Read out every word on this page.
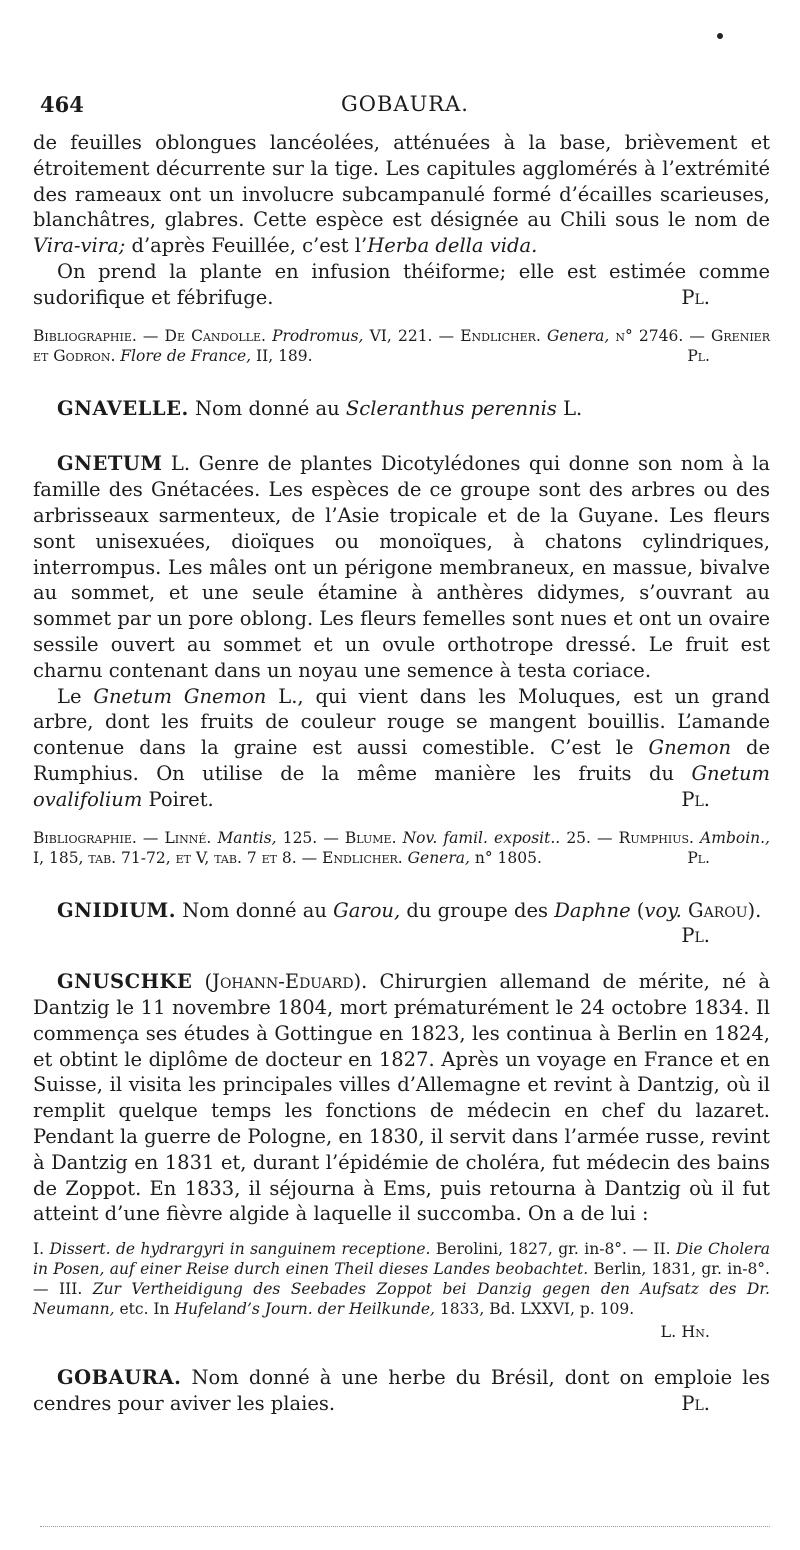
464	GOBAURA.

de feuilles oblongues lancéolées, atténuées à la base, brièvement et étroitement décurrente sur la tige. Les capitules agglomérés à l’extrémité des rameaux ont un involucre subcampanulé formé d’écailles scarieuses, blanchâtres, glabres. Cette espèce est désignée au Chili sous le nom de Vira-vira; d’après Feuillée, c’est l’Herba della vida.

On prend la plante en infusion théiforme; elle est estimée comme sudorifique et fébrifuge.	Pl.

Bibliographie. — De Candolle. Prodromus, VI, 221. — Endlicher. Genera, n° 2746. — Grenier et Godron. Flore de France, II, 189.	Pl.

GNAVELLE. Nom donné au Scleranthus perennis L.

GNETUM L. Genre de plantes Dicotylédones qui donne son nom à la famille des Gnétacées. Les espèces de ce groupe sont des arbres ou des arbrisseaux sarmenteux, de l’Asie tropicale et de la Guyane. Les fleurs sont unisexuées, dioïques ou monoïques, à chatons cylindriques, interrompus. Les mâles ont un périgone membraneux, en massue, bivalve au sommet, et une seule étamine à anthères didymes, s’ouvrant au sommet par un pore oblong. Les fleurs femelles sont nues et ont un ovaire sessile ouvert au sommet et un ovule orthotrope dressé. Le fruit est charnu contenant dans un noyau une semence à testa coriace.

Le Gnetum Gnemon L., qui vient dans les Moluques, est un grand arbre, dont les fruits de couleur rouge se mangent bouillis. L’amande contenue dans la graine est aussi comestible. C’est le Gnemon de Rumphius. On utilise de la même manière les fruits du Gnetum ovalifolium Poiret.	Pl.

Bibliographie. — Linné. Mantis, 125. — Blume. Nov. famil. exposit.. 25. — Rumphius. Amboin., I, 185, tab. 71-72, et V, tab. 7 et 8. — Endlicher. Genera, n° 1805.	Pl.

GNIDIUM. Nom donné au Garou, du groupe des Daphne (voy. Garou).

Pl.

GNUSCHKE (Johann-Eduard). Chirurgien allemand de mérite, né à Dantzig le 11 novembre 1804, mort prématurément le 24 octobre 1834. Il commença ses études à Gottingue en 1823, les continua à Berlin en 1824, et obtint le diplôme de docteur en 1827. Après un voyage en France et en Suisse, il visita les principales villes d’Allemagne et revint à Dantzig, où il remplit quelque temps les fonctions de médecin en chef du lazaret. Pendant la guerre de Pologne, en 1830, il servit dans l’armée russe, revint à Dantzig en 1831 et, durant l’épidémie de choléra, fut médecin des bains de Zoppot. En 1833, il séjourna à Ems, puis retourna à Dantzig où il fut atteint d’une fièvre algide à laquelle il succomba. On a de lui :

I. Dissert. de hydrargyri in sanguinem receptione. Berolini, 1827, gr. in-8°. — II. Die Cholera in Posen, auf einer Reise durch einen Theil dieses Landes beobachtet. Berlin, 1831, gr. in-8°. — III. Zur Vertheidigung des Seebades Zoppot bei Danzig gegen den Aufsatz des Dr. Neumann, etc. In Hufeland’s Journ. der Heilkunde, 1833, Bd. LXXVI, p. 109.

L. Hn.

GOBAURA. Nom donné à une herbe du Brésil, dont on emploie les cendres pour aviver les plaies.	Pl.
